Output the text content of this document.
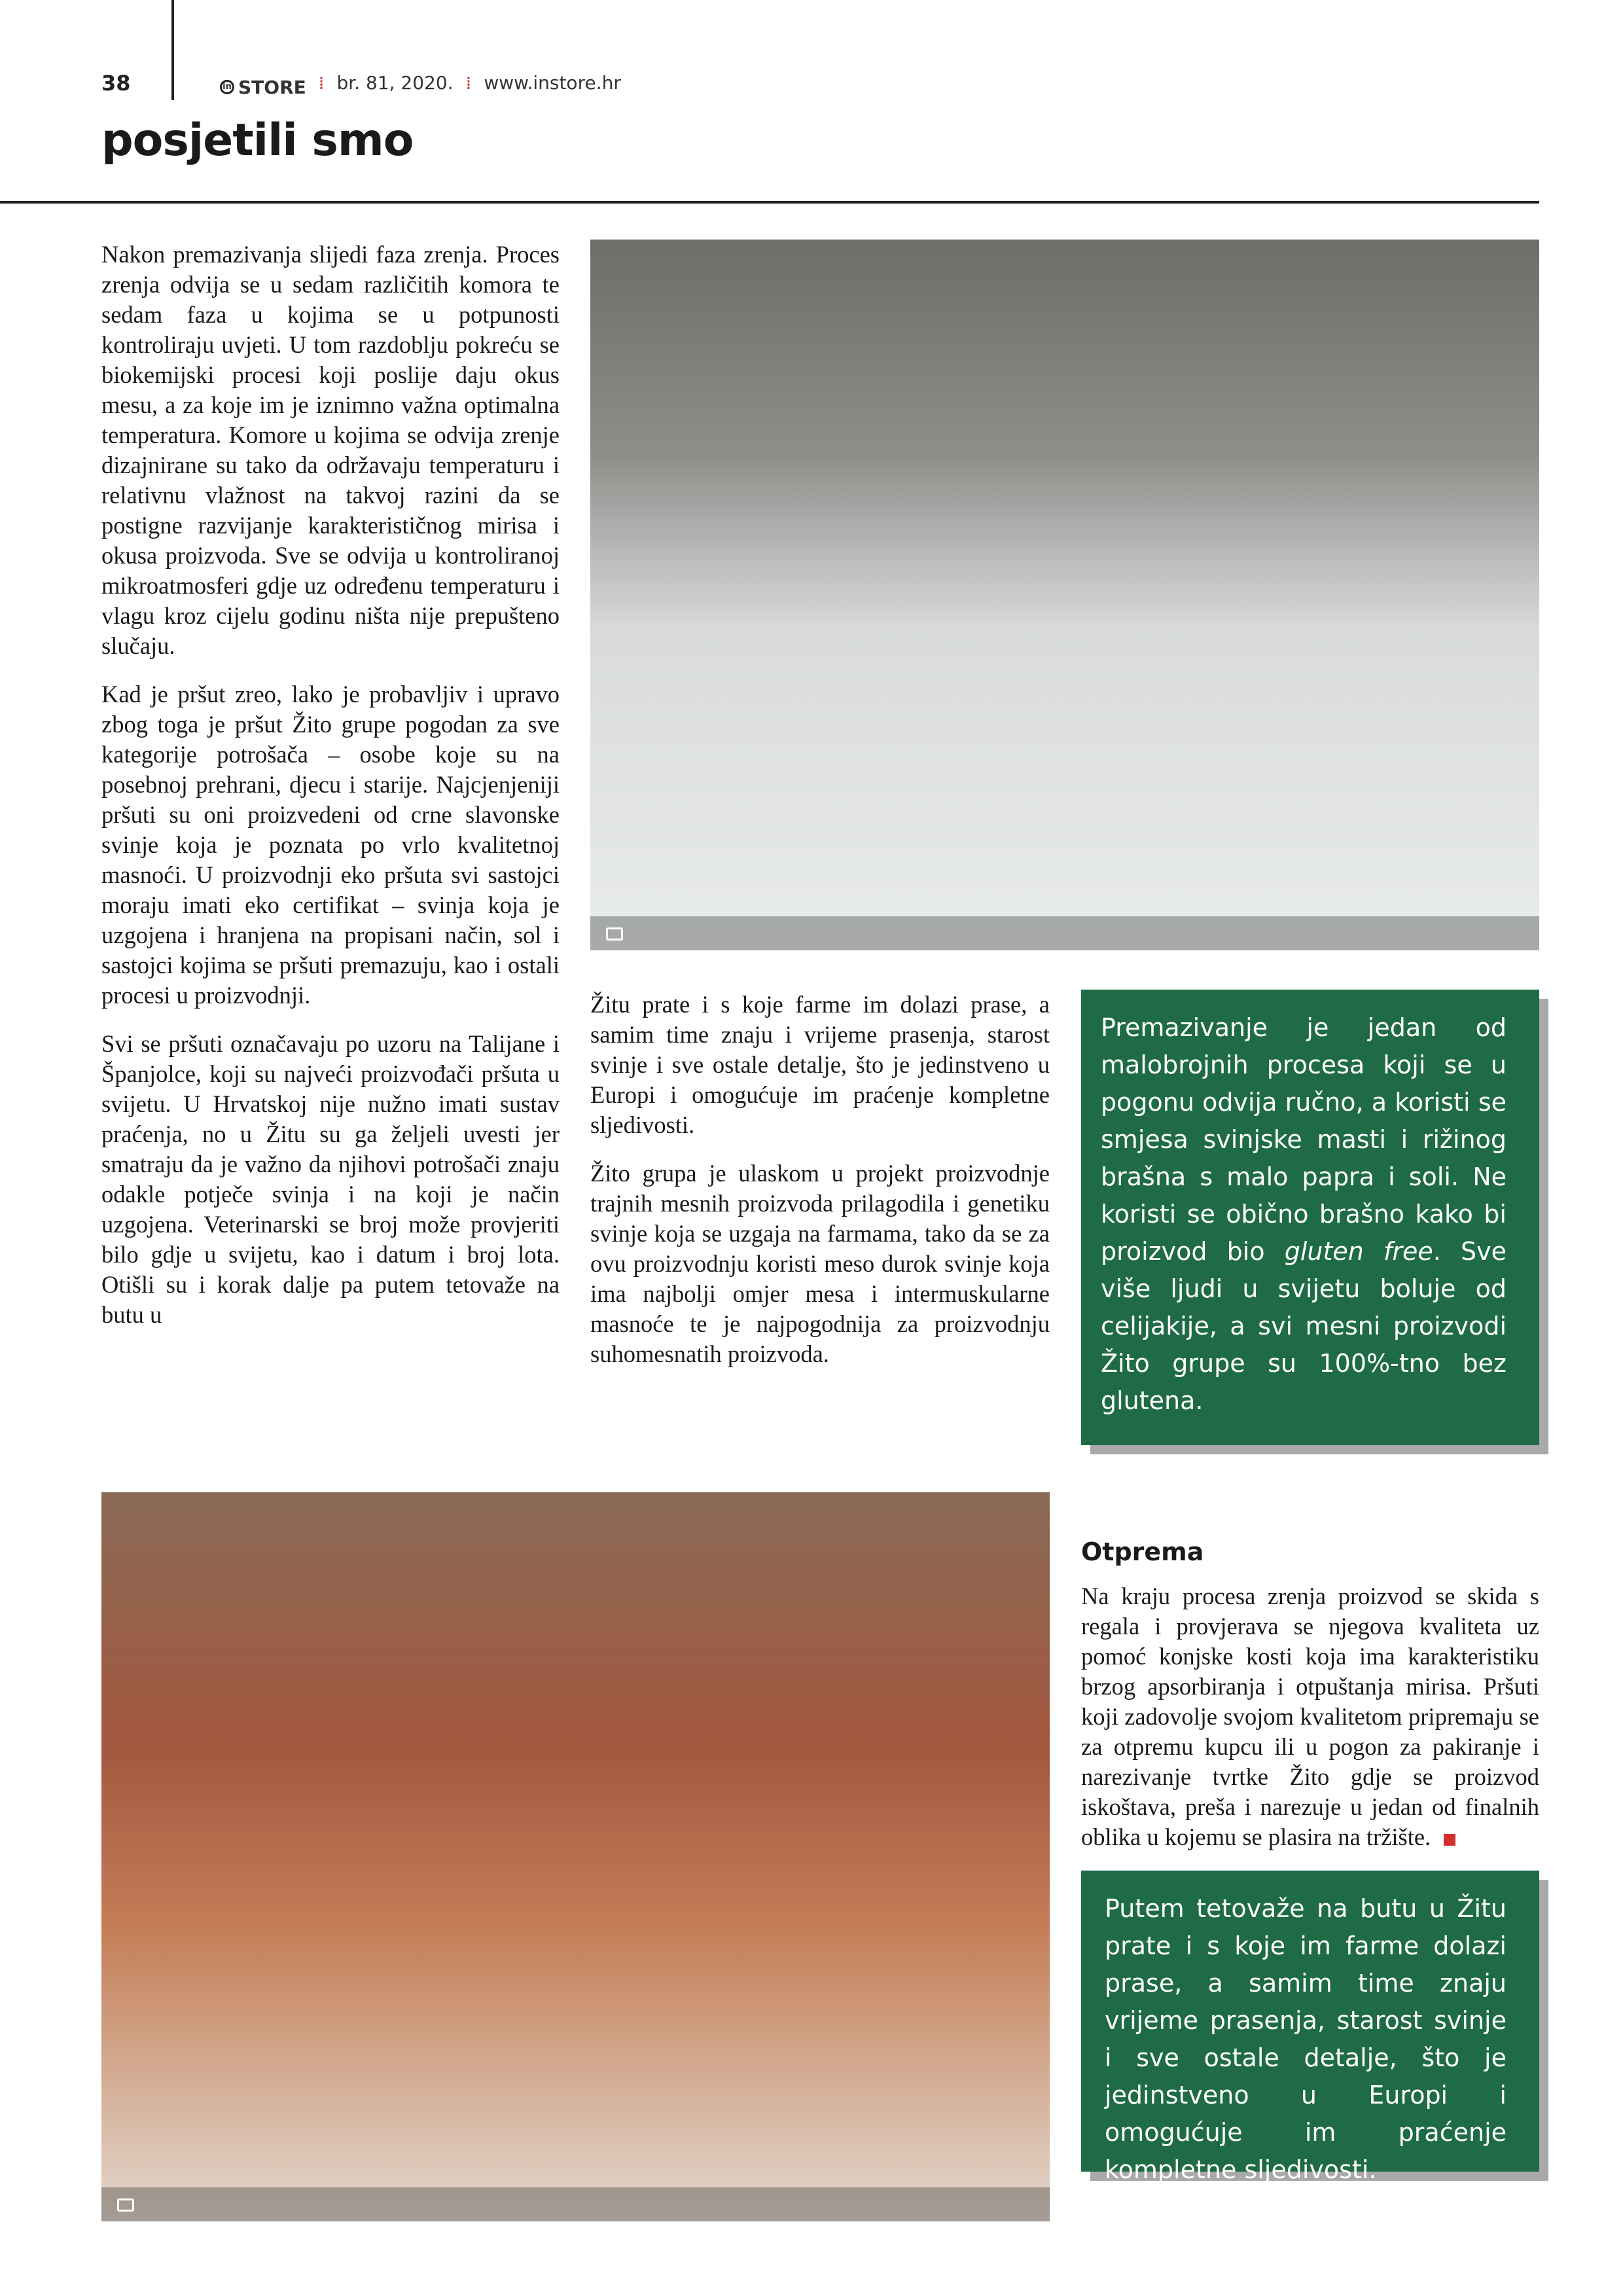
38	in STORE ⁞ br. 81, 2020. ⁞ www.instore.hr
posjetili smo

Nakon premazivanja slijedi faza zrenja. Proces zrenja odvija se u sedam različitih komora te sedam faza u kojima se u potpunosti kontroliraju uvjeti. U tom razdoblju pokreću se biokemijski procesi koji poslije daju okus mesu, a za koje im je iznimno važna optimalna temperatura. Komore u kojima se odvija zrenje dizajnirane su tako da održavaju temperaturu i relativnu vlažnost na takvoj razini da se postigne razvijanje karakterističnog mirisa i okusa proizvoda. Sve se odvija u kontroliranoj mikroatmosferi gdje uz određenu temperaturu i vlagu kroz cijelu godinu ništa nije prepušteno slučaju.

Kad je pršut zreo, lako je probavljiv i upravo zbog toga je pršut Žito grupe pogodan za sve kategorije potrošača – osobe koje su na posebnoj prehrani, djecu i starije. Najcjenjeniji pršuti su oni proizvedeni od crne slavonske svinje koja je poznata po vrlo kvalitetnoj masnoći. U proizvodnji eko pršuta svi sastojci moraju imati eko certifikat – svinja koja je uzgojena i hranjena na propisani način, sol i sastojci kojima se pršuti premazuju, kao i ostali procesi u proizvodnji.

Svi se pršuti označavaju po uzoru na Talijane i Španjolce, koji su najveći proizvođači pršuta u svijetu. U Hrvatskoj nije nužno imati sustav praćenja, no u Žitu su ga željeli uvesti jer smatraju da je važno da njihovi potrošači znaju odakle potječe svinja i na koji je način uzgojena. Veterinarski se broj može provjeriti bilo gdje u svijetu, kao i datum i broj lota. Otišli su i korak dalje pa putem tetovaže na butu u

Žitu prate i s koje farme im dolazi prase, a samim time znaju i vrijeme prasenja, starost svinje i sve ostale detalje, što je jedinstveno u Europi i omogućuje im praćenje kompletne sljedivosti.

Žito grupa je ulaskom u projekt proizvodnje trajnih mesnih proizvoda prilagodila i genetiku svinje koja se uzgaja na farmama, tako da se za ovu proizvodnju koristi meso durok svinje koja ima najbolji omjer mesa i intermuskularne masnoće te je najpogodnija za proizvodnju suhomesnatih proizvoda.

Premazivanje je jedan od malobrojnih procesa koji se u pogonu odvija ručno, a koristi se smjesa svinjske masti i rižinog brašna s malo papra i soli. Ne koristi se obično brašno kako bi proizvod bio gluten free. Sve više ljudi u svijetu boluje od celijakije, a svi mesni proizvodi Žito grupe su 100%-tno bez glutena.

Otprema

Na kraju procesa zrenja proizvod se skida s regala i provjerava se njegova kvaliteta uz pomoć konjske kosti koja ima karakteristiku brzog apsorbiranja i otpuštanja mirisa. Pršuti koji zadovolje svojom kvalitetom pripremaju se za otpremu kupcu ili u pogon za pakiranje i narezivanje tvrtke Žito gdje se proizvod iskoštava, preša i narezuje u jedan od finalnih oblika u kojemu se plasira na tržište.

Putem tetovaže na butu u Žitu prate i s koje im farme dolazi prase, a samim time znaju vrijeme prasenja, starost svinje i sve ostale detalje, što je jedinstveno u Europi i omogućuje im praćenje kompletne sljedivosti.
